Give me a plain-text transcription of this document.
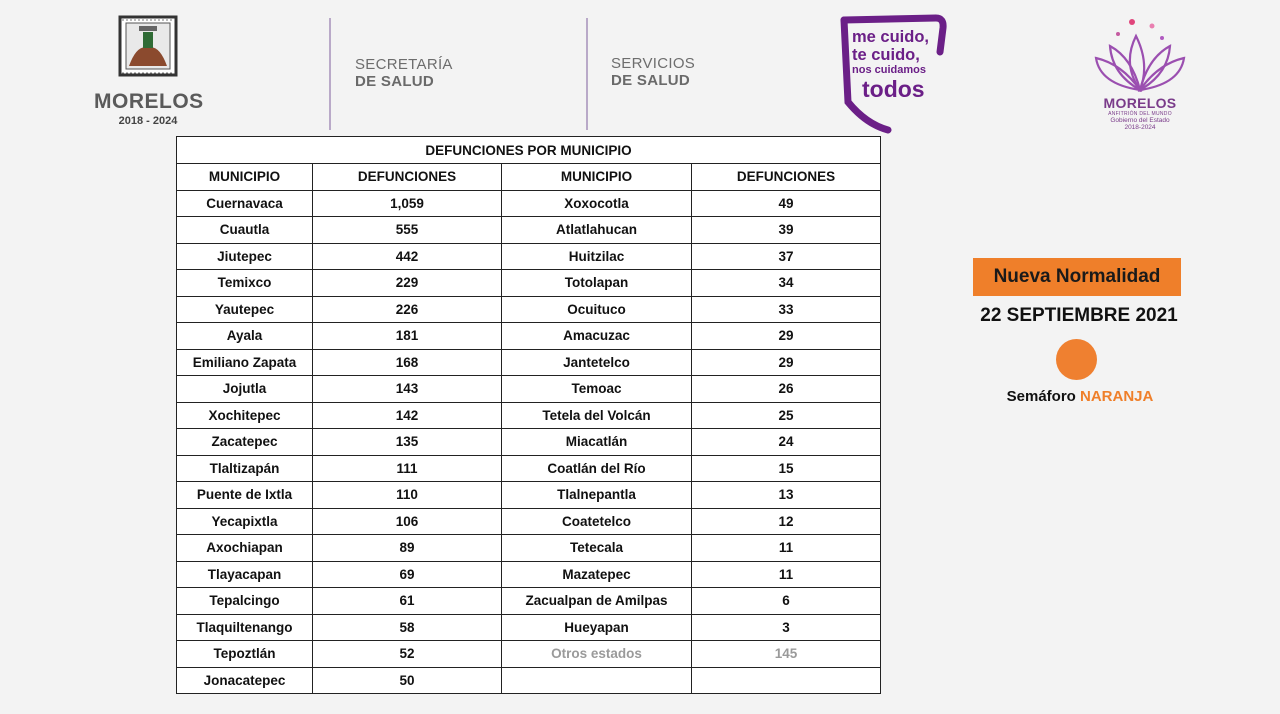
MORELOS
2018 - 2024
SECRETARÍA
DE SALUD
SERVICIOS
DE SALUD
me cuido,
te cuido,
nos cuidamos
todos
MORELOS
ANFITRIÓN DEL MUNDO
Gobierno del Estado
2018-2024
DEFUNCIONES POR MUNICIPIO			
MUNICIPIO	DEFUNCIONES	MUNICIPIO	DEFUNCIONES
Cuernavaca	1,059	Xoxocotla	49
Cuautla	555	Atlatlahucan	39
Jiutepec	442	Huitzilac	37
Temixco	229	Totolapan	34
Yautepec	226	Ocuituco	33
Ayala	181	Amacuzac	29
Emiliano Zapata	168	Jantetelco	29
Jojutla	143	Temoac	26
Xochitepec	142	Tetela del Volcán	25
Zacatepec	135	Miacatlán	24
Tlaltizapán	111	Coatlán del Río	15
Puente de Ixtla	110	Tlalnepantla	13
Yecapixtla	106	Coatetelco	12
Axochiapan	89	Tetecala	11
Tlayacapan	69	Mazatepec	11
Tepalcingo	61	Zacualpan de Amilpas	6
Tlaquiltenango	58	Hueyapan	3
Tepoztlán	52	Otros estados	145
Jonacatepec	50		
Nueva Normalidad
22 SEPTIEMBRE 2021
Semáforo NARANJA
